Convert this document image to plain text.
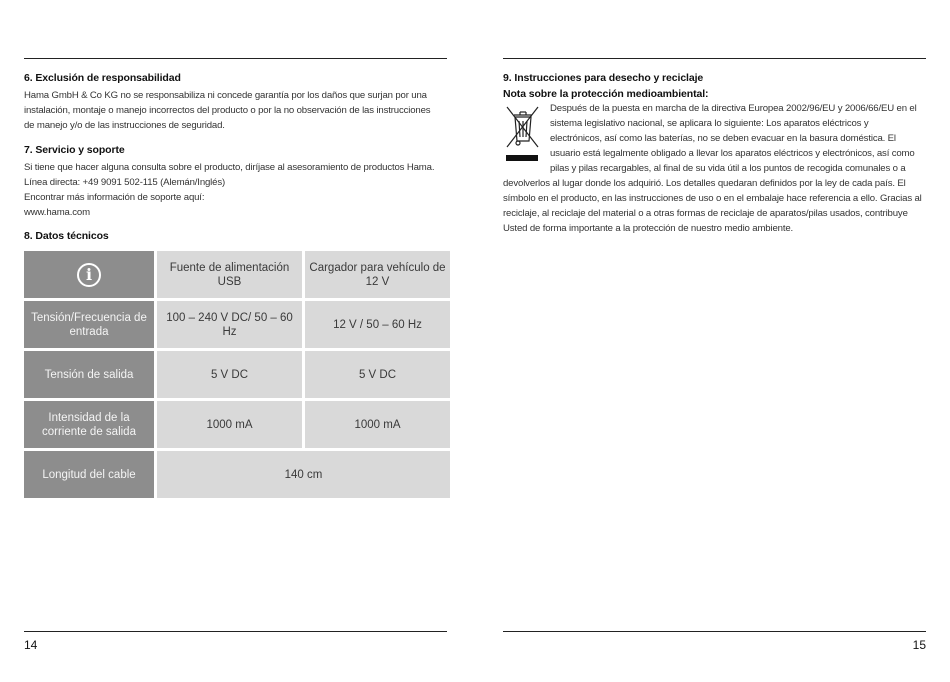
6. Exclusión de responsabilidad
Hama GmbH & Co KG no se responsabiliza ni concede garantía por los daños que surjan por una
instalación, montaje o manejo incorrectos del producto o por la no observación de las instrucciones
de manejo y/o de las instrucciones de seguridad.
7. Servicio y soporte
Si tiene que hacer alguna consulta sobre el producto, diríjase al asesoramiento de productos Hama.
Línea directa: +49 9091 502-115 (Alemán/Inglés)
Encontrar más información de soporte aquí:
www.hama.com
8. Datos técnicos
i	Fuente de alimentación USB	Cargador para vehículo de 12 V
Tensión/Frecuencia de entrada	100 – 240 V DC/ 50 – 60 Hz	12 V / 50 – 60 Hz
Tensión de salida	5 V DC	5 V DC
Intensidad de la corriente de salida	1000 mA	1000 mA
Longitud del cable	140 cm	
14
9. Instrucciones para desecho y reciclaje
Nota sobre la protección medioambiental:
Después de la puesta en marcha de la directiva Europea 2002/96/EU y 2006/66/EU en el
sistema legislativo nacional, se aplicara lo siguiente: Los aparatos eléctricos y
electrónicos, así como las baterías, no se deben evacuar en la basura doméstica. El
usuario está legalmente obligado a llevar los aparatos eléctricos y electrónicos, así como
pilas y pilas recargables, al final de su vida útil a los puntos de recogida comunales o a
devolverlos al lugar donde los adquirió. Los detalles quedaran definidos por la ley de cada país. El
símbolo en el producto, en las instrucciones de uso o en el embalaje hace referencia a ello. Gracias al
reciclaje, al reciclaje del material o a otras formas de reciclaje de aparatos/pilas usados, contribuye
Usted de forma importante a la protección de nuestro medio ambiente.
15
